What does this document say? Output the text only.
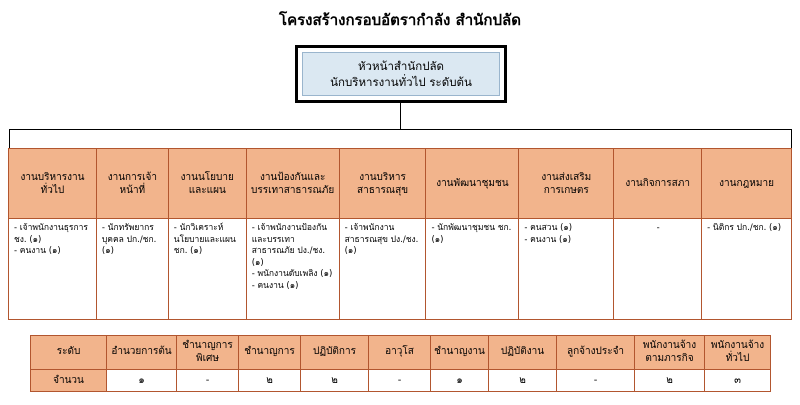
โครงสร้างกรอบอัตรากำลัง สำนักปลัด
หัวหน้าสำนักปลัด
นักบริหารงานทั่วไป ระดับต้น
งานบริหารงานทั่วไป
- เจ้าพนักงานธุรการ ชง. (๑)
- คนงาน (๑)
งานการเจ้าหน้าที่
- นักทรัพยากรบุคคล ปก./ชก. (๑)
งานนโยบายและแผน
- นักวิเคราะห์นโยบายและแผน ชก. (๑)
งานป้องกันและบรรเทาสาธารณภัย
- เจ้าพนักงานป้องกันและบรรเทาสาธารณภัย ปง./ชง. (๑)
- พนักงานดับเพลิง (๑)
- คนงาน (๑)
งานบริหารสาธารณสุข
- เจ้าพนักงานสาธารณสุข ปง./ชง. (๑)
งานพัฒนาชุมชน
- นักพัฒนาชุมชน ชก. (๑)
งานส่งเสริมการเกษตร
- คนสวน (๑)
- คนงาน (๑)
งานกิจการสภา
-
งานกฎหมาย
- นิติกร ปก./ชก. (๑)
ระดับ	อำนวยการต้น	ชำนาญการพิเศษ	ชำนาญการ	ปฏิบัติการ	อาวุโส	ชำนาญงาน	ปฏิบัติงาน	ลูกจ้างประจำ	พนักงานจ้างตามภารกิจ	พนักงานจ้างทั่วไป
จำนวน	๑	-	๒	๒	-	๑	๒	-	๒	๓
